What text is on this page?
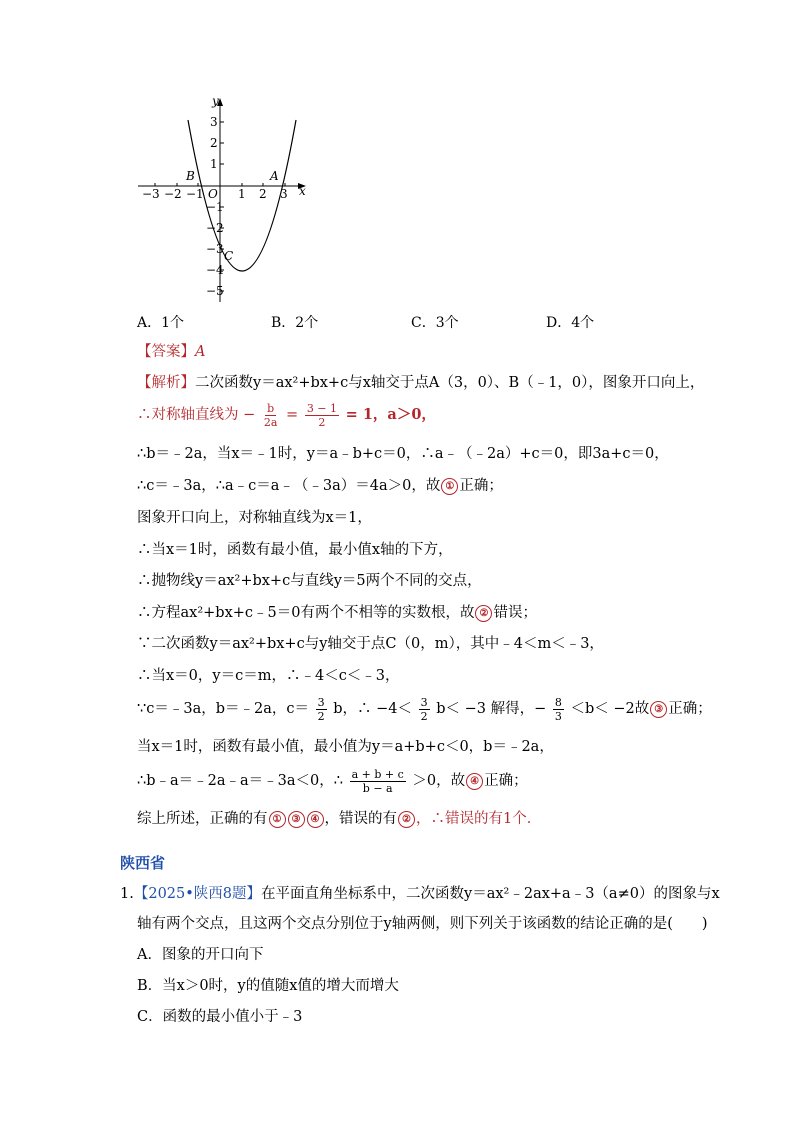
y
x
O
−3 −2 −1	1 2 3
3
2
1
−1
−2
−3
−4
−5
A
B
C
A．1个	B．2个	C．3个	D．4个
【答案】A
【解析】二次函数y＝ax²+bx+c与x轴交于点A（3，0）、B（﹣1，0），图象开口向上，
∴对称轴直线为 − $\frac{b}{2a} = \frac{3 - 1}{2} = 1$，a＞0，
∴b＝﹣2a，当x＝﹣1时，y＝a﹣b+c＝0，∴a﹣（﹣2a）+c＝0，即3a+c＝0，
∴c＝﹣3a，∴a﹣c＝a﹣（﹣3a）＝4a＞0，故 ① 正确；
图象开口向上，对称轴直线为x＝1，
∴当x＝1时，函数有最小值，最小值x轴的下方，
∴抛物线y＝ax²+bx+c与直线y＝5两个不同的交点，
∴方程ax²+bx+c﹣5＝0有两个不相等的实数根，故 ② 错误；
∵二次函数y＝ax²+bx+c与y轴交于点C（0，m），其中﹣4＜m＜﹣3，
∴当x＝0，y＝c＝m，∴﹣4＜c＜﹣3，
∵c＝﹣3a，b＝﹣2a，$c= \frac{3}{2}$ b，∴ $-4< \frac{3}{2} b< -3$ 解得，− $\frac{8}{3} <b< -2$故 ③ 正确；
当x＝1时，函数有最小值，最小值为y＝a+b+c＜0，b＝﹣2a，
∴b﹣a＝﹣2a﹣a＝﹣3a＜0，∴ $\frac{a + b + c}{b - a} >0$，故 ④ 正确；
综上所述，正确的有 ① ③ ④ ，错误的有 ② ，∴错误的有1个．
陕西省
1.【2025•陕西8题】在平面直角坐标系中，二次函数y＝ax²﹣2ax+a﹣3（a≠0）的图象与x
轴有两个交点，且这两个交点分别位于y轴两侧，则下列关于该函数的结论正确的是(　　)
A．图象的开口向下
B．当x＞0时，y的值随x值的增大而增大
C．函数的最小值小于﹣3
